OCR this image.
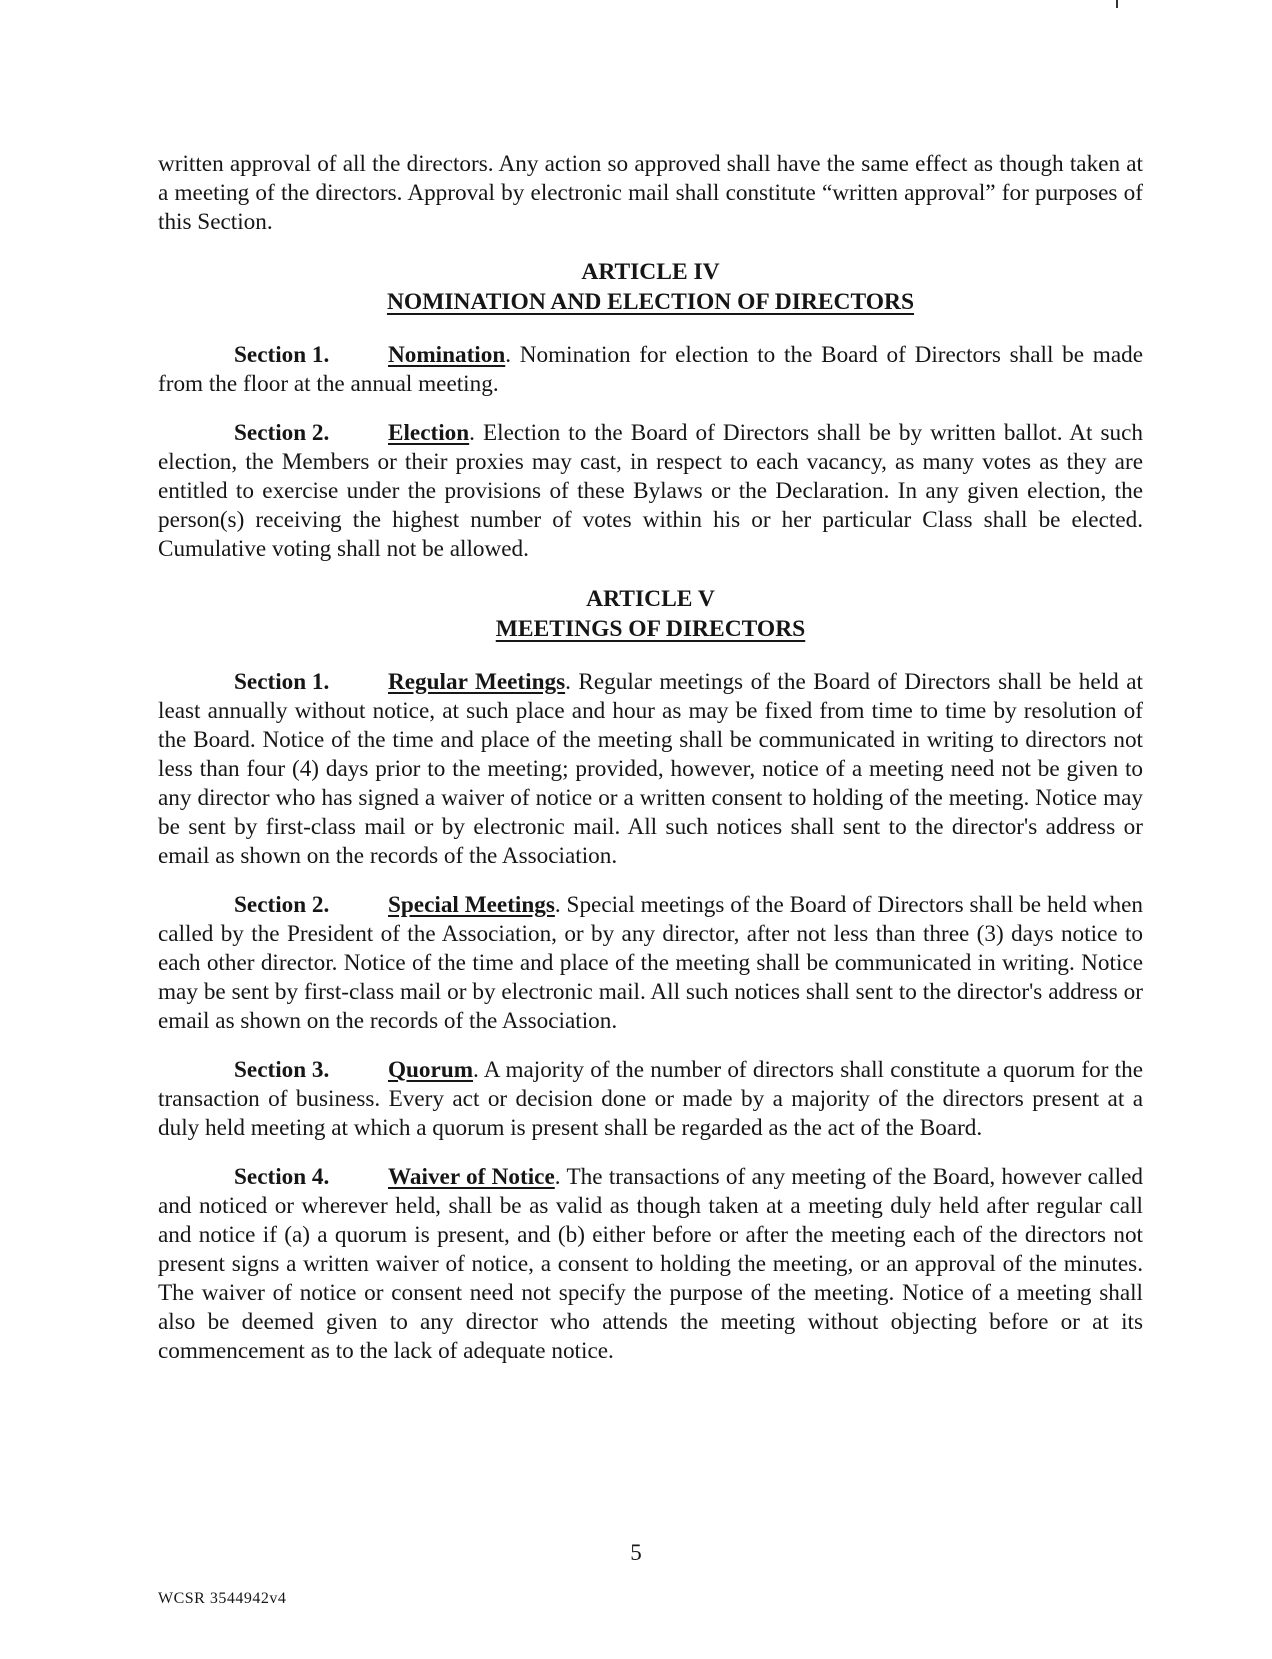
written approval of all the directors. Any action so approved shall have the same effect as though taken at a meeting of the directors. Approval by electronic mail shall constitute “written approval” for purposes of this Section.

ARTICLE IV
NOMINATION AND ELECTION OF DIRECTORS

Section 1.	Nomination. Nomination for election to the Board of Directors shall be made from the floor at the annual meeting.

Section 2.	Election. Election to the Board of Directors shall be by written ballot. At such election, the Members or their proxies may cast, in respect to each vacancy, as many votes as they are entitled to exercise under the provisions of these Bylaws or the Declaration. In any given election, the person(s) receiving the highest number of votes within his or her particular Class shall be elected. Cumulative voting shall not be allowed.

ARTICLE V
MEETINGS OF DIRECTORS

Section 1.	Regular Meetings. Regular meetings of the Board of Directors shall be held at least annually without notice, at such place and hour as may be fixed from time to time by resolution of the Board. Notice of the time and place of the meeting shall be communicated in writing to directors not less than four (4) days prior to the meeting; provided, however, notice of a meeting need not be given to any director who has signed a waiver of notice or a written consent to holding of the meeting. Notice may be sent by first-class mail or by electronic mail. All such notices shall sent to the director's address or email as shown on the records of the Association.

Section 2.	Special Meetings. Special meetings of the Board of Directors shall be held when called by the President of the Association, or by any director, after not less than three (3) days notice to each other director. Notice of the time and place of the meeting shall be communicated in writing. Notice may be sent by first-class mail or by electronic mail. All such notices shall sent to the director's address or email as shown on the records of the Association.

Section 3.	Quorum. A majority of the number of directors shall constitute a quorum for the transaction of business. Every act or decision done or made by a majority of the directors present at a duly held meeting at which a quorum is present shall be regarded as the act of the Board.

Section 4.	Waiver of Notice. The transactions of any meeting of the Board, however called and noticed or wherever held, shall be as valid as though taken at a meeting duly held after regular call and notice if (a) a quorum is present, and (b) either before or after the meeting each of the directors not present signs a written waiver of notice, a consent to holding the meeting, or an approval of the minutes. The waiver of notice or consent need not specify the purpose of the meeting. Notice of a meeting shall also be deemed given to any director who attends the meeting without objecting before or at its commencement as to the lack of adequate notice.

5
WCSR 3544942v4
